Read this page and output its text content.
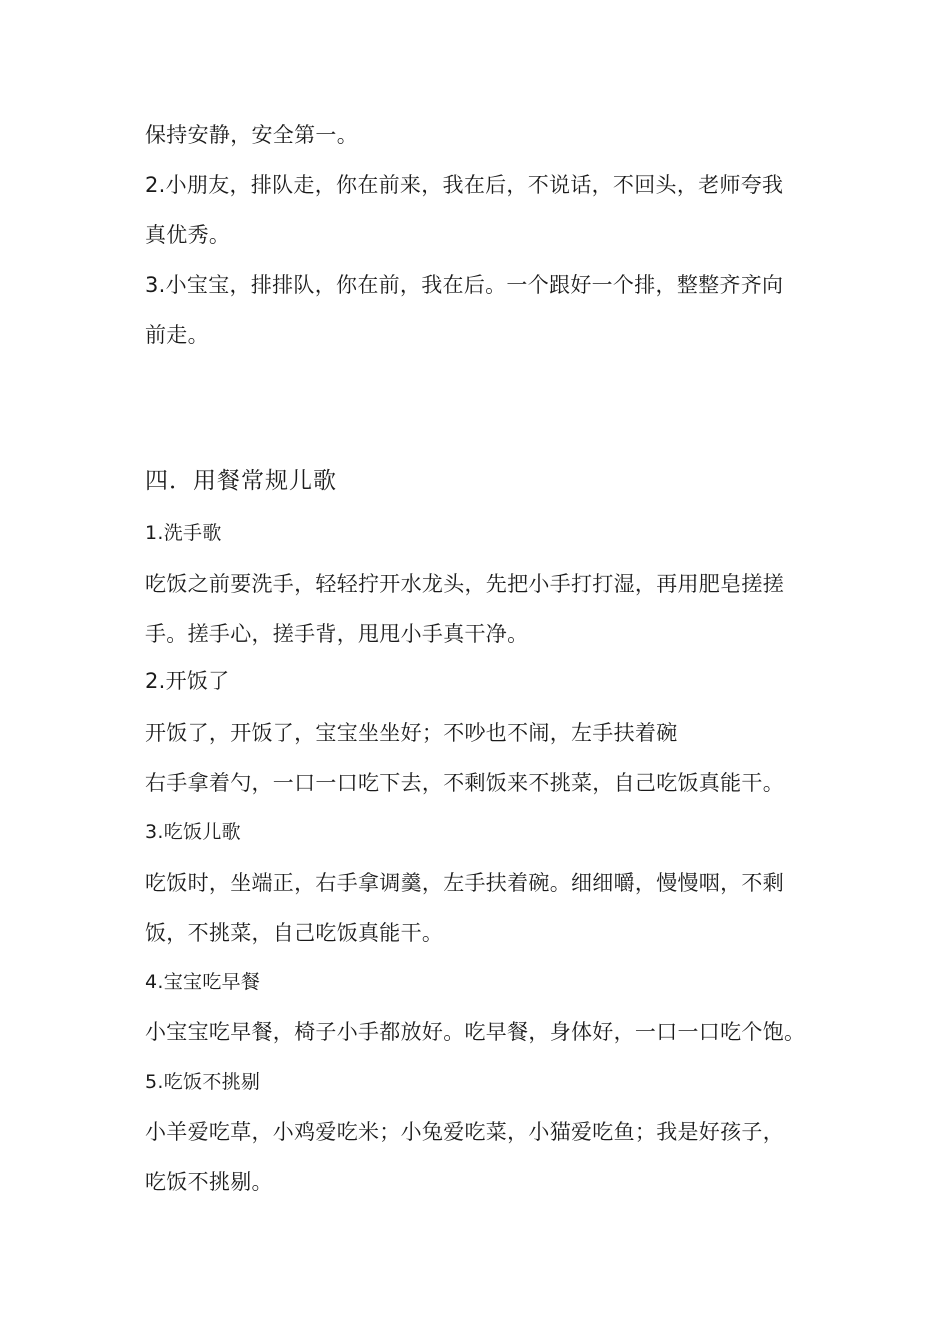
保持安静，安全第一。
2.小朋友，排队走，你在前来，我在后，不说话，不回头，老师夸我
真优秀。
3.小宝宝，排排队，你在前，我在后。一个跟好一个排，整整齐齐向
前走。
四．用餐常规儿歌
1.洗手歌
吃饭之前要洗手，轻轻拧开水龙头，先把小手打打湿，再用肥皂搓搓
手。搓手心，搓手背，甩甩小手真干净。
2.开饭了
开饭了，开饭了，宝宝坐坐好；不吵也不闹，左手扶着碗
右手拿着勺，一口一口吃下去，不剩饭来不挑菜，自己吃饭真能干。
3.吃饭儿歌
吃饭时，坐端正，右手拿调羹，左手扶着碗。细细嚼，慢慢咽，不剩
饭，不挑菜，自己吃饭真能干。
4.宝宝吃早餐
小宝宝吃早餐，椅子小手都放好。吃早餐，身体好，一口一口吃个饱。
5.吃饭不挑剔
小羊爱吃草，小鸡爱吃米；小兔爱吃菜，小猫爱吃鱼；我是好孩子，
吃饭不挑剔。
